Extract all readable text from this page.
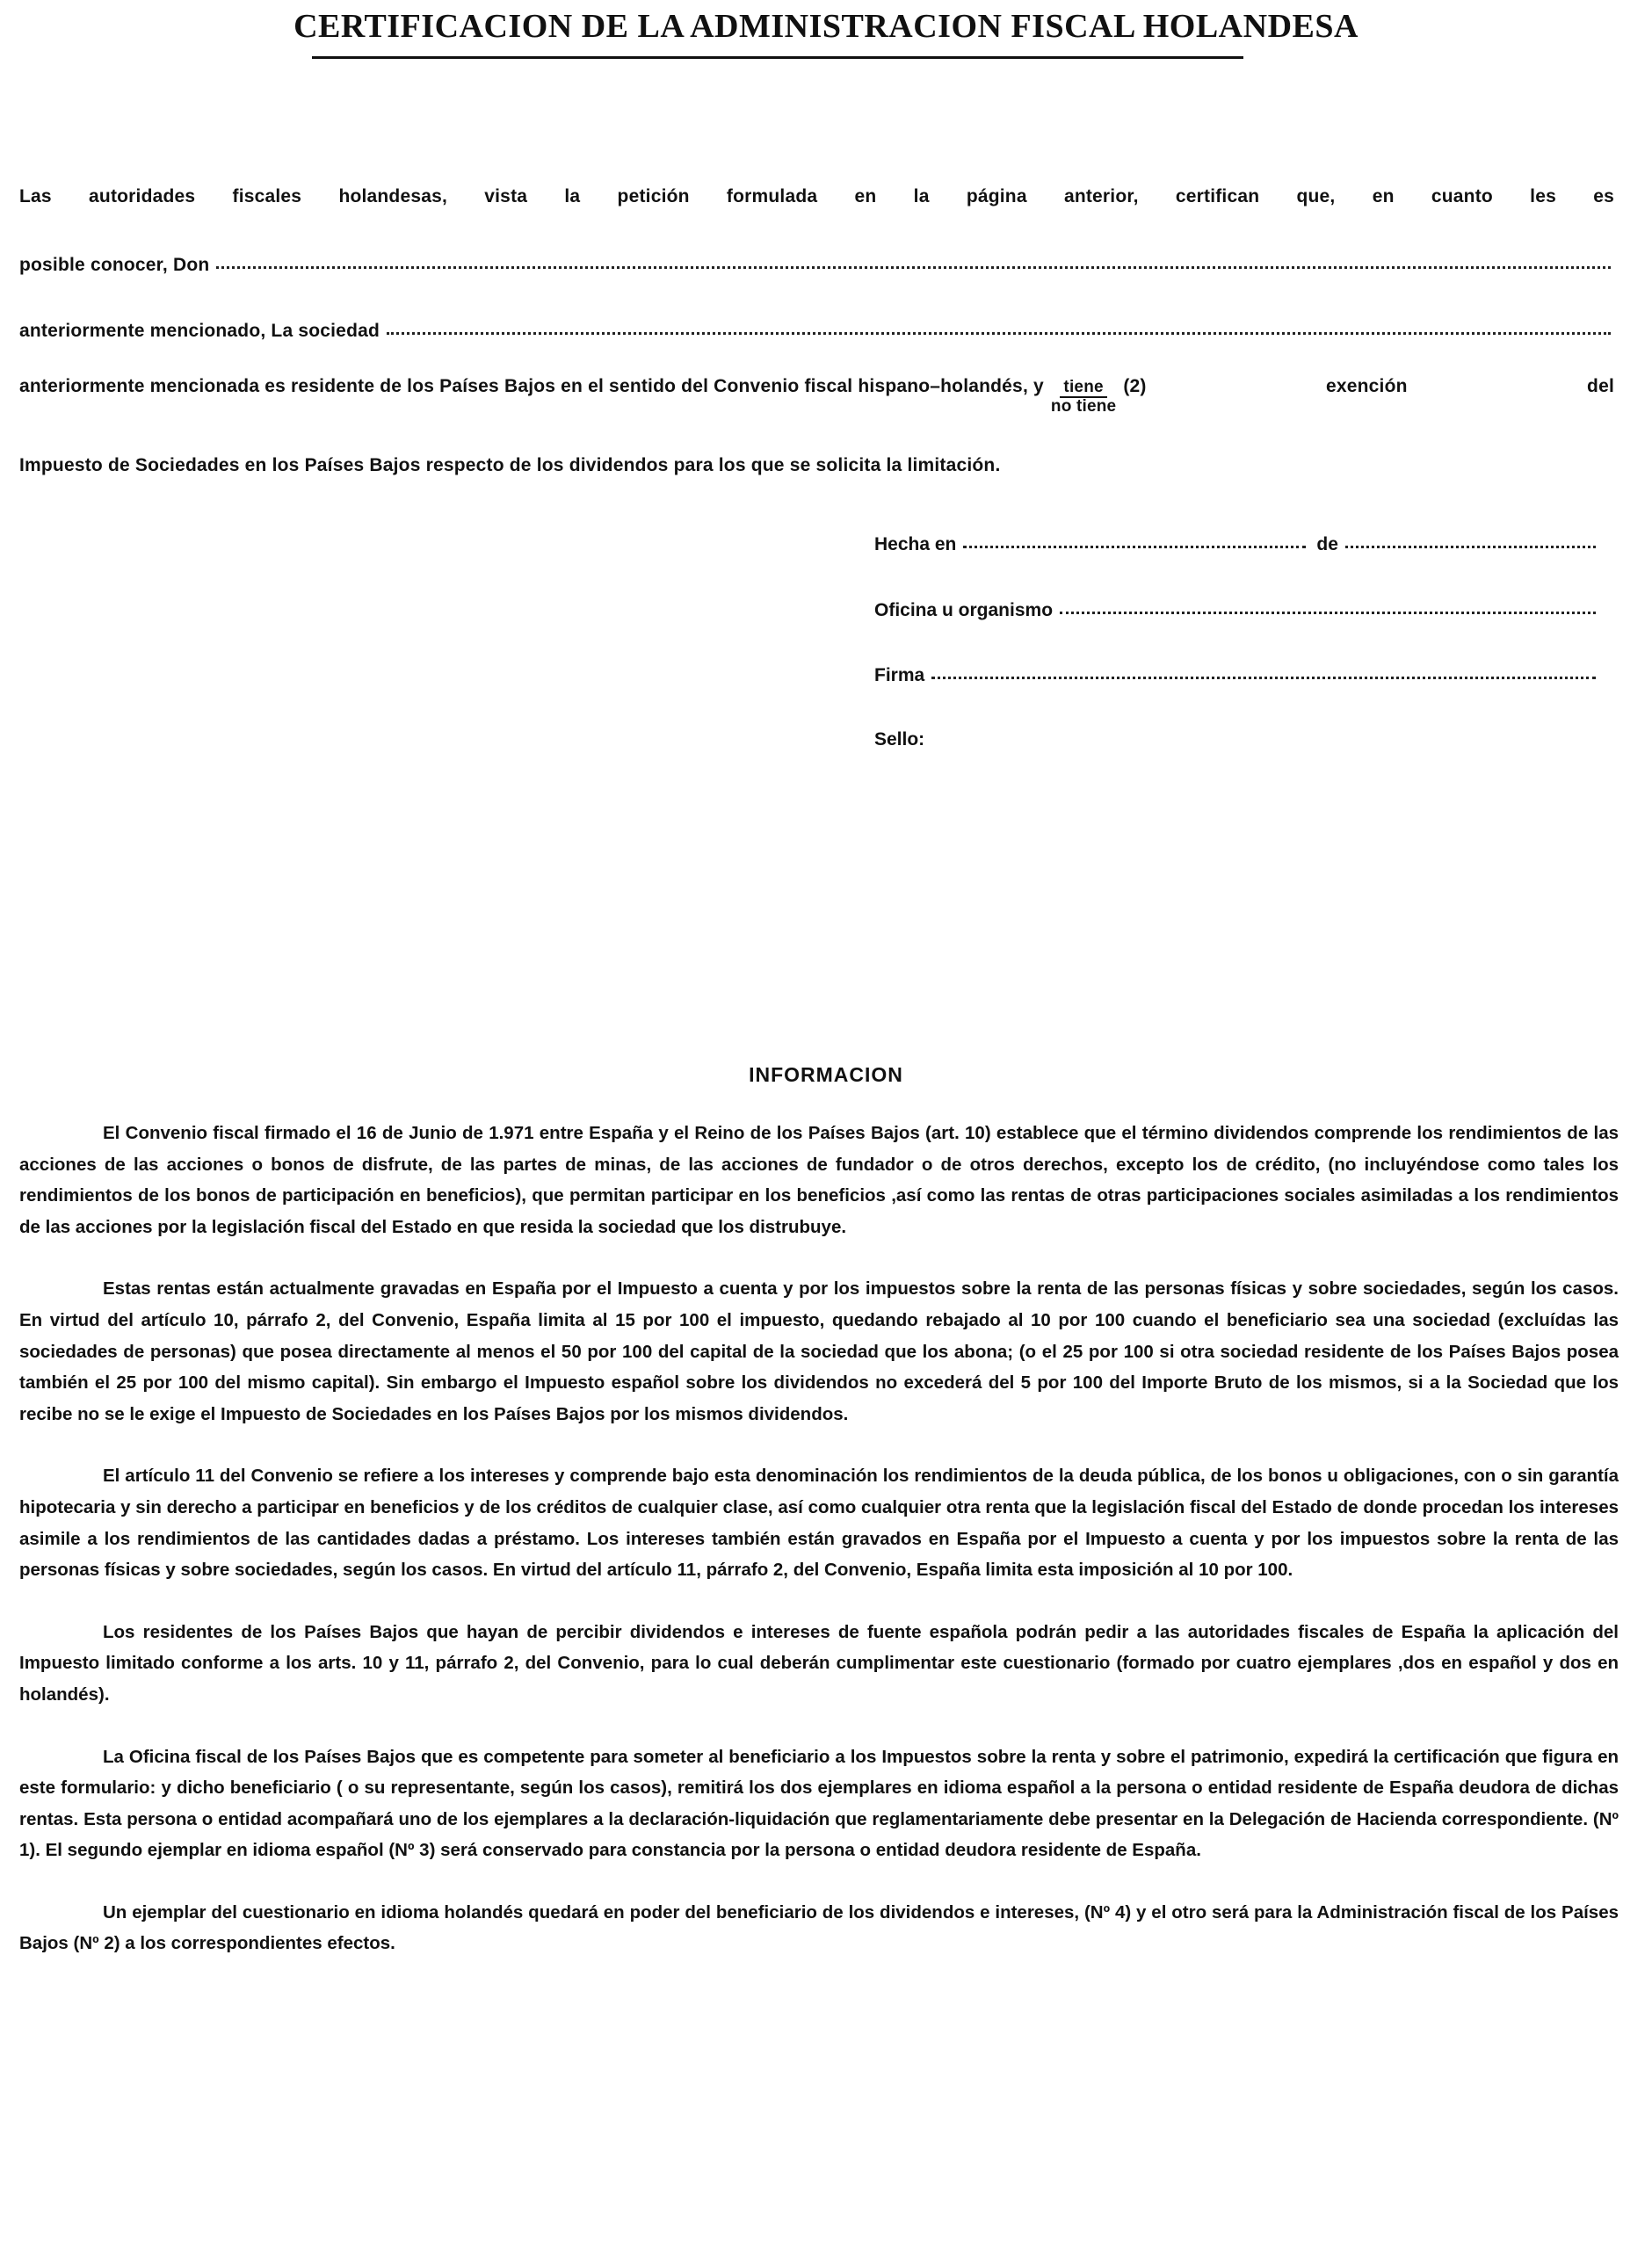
CERTIFICACION DE LA ADMINISTRACION FISCAL HOLANDESA
Las autoridades fiscales holandesas, vista la petición formulada en la página anterior, certifican que, en cuanto les es
posible conocer, Don
anteriormente mencionado, La sociedad
anteriormente mencionada es residente de los Países Bajos en el sentido del Convenio fiscal hispano–holandés, y $\frac{\text{tiene}}{\text{no tiene}} (2)$ exención del
Impuesto de Sociedades en los Países Bajos respecto de los dividendos para los que se solicita la limitación.
Hecha en	de
Oficina u organismo
Firma
Sello:
INFORMACION

El Convenio fiscal firmado el 16 de Junio de 1.971 entre España y el Reino de los Países Bajos (art. 10) establece que el término dividendos comprende los rendimientos de las acciones de las acciones o bonos de disfrute, de las partes de minas, de las acciones de fundador o de otros derechos, excepto los de crédito, (no incluyéndose como tales los rendimientos de los bonos de participación en beneficios), que permitan participar en los beneficios ,así como las rentas de otras participaciones sociales asimiladas a los rendimientos de las acciones por la legislación fiscal del Estado en que resida la sociedad que los distrubuye.

Estas rentas están actualmente gravadas en España por el Impuesto a cuenta y por los impuestos sobre la renta de las personas físicas y sobre sociedades, según los casos. En virtud del artículo 10, párrafo 2, del Convenio, España limita al 15 por 100 el impuesto, quedando rebajado al 10 por 100 cuando el beneficiario sea una sociedad (excluídas las sociedades de personas) que posea directamente al menos el 50 por 100 del capital de la sociedad que los abona; (o el 25 por 100 si otra sociedad residente de los Países Bajos posea también el 25 por 100 del mismo capital). Sin embargo el Impuesto español sobre los dividendos no excederá del 5 por 100 del Importe Bruto de los mismos, si a la Sociedad que los recibe no se le exige el Impuesto de Sociedades en los Países Bajos por los mismos dividendos.

El artículo 11 del Convenio se refiere a los intereses y comprende bajo esta denominación los rendimientos de la deuda pública, de los bonos u obligaciones, con o sin garantía hipotecaria y sin derecho a participar en beneficios y de los créditos de cualquier clase, así como cualquier otra renta que la legislación fiscal del Estado de donde procedan los intereses asimile a los rendimientos de las cantidades dadas a préstamo. Los intereses también están gravados en España por el Impuesto a cuenta y por los impuestos sobre la renta de las personas físicas y sobre sociedades, según los casos. En virtud del artículo 11, párrafo 2, del Convenio, España limita esta imposición al 10 por 100.

Los residentes de los Países Bajos que hayan de percibir dividendos e intereses de fuente española podrán pedir a las autoridades fiscales de España la aplicación del Impuesto limitado conforme a los arts. 10 y 11, párrafo 2, del Convenio, para lo cual deberán cumplimentar este cuestionario (formado por cuatro ejemplares ,dos en español y dos en holandés).

La Oficina fiscal de los Países Bajos que es competente para someter al beneficiario a los Impuestos sobre la renta y sobre el patrimonio, expedirá la certificación que figura en este formulario: y dicho beneficiario ( o su representante, según los casos), remitirá los dos ejemplares en idioma español a la persona o entidad residente de España deudora de dichas rentas. Esta persona o entidad acompañará uno de los ejemplares a la declaración-liquidación que reglamentariamente debe presentar en la Delegación de Hacienda correspondiente. (Nº 1). El segundo ejemplar en idioma español (Nº 3) será conservado para constancia por la persona o entidad deudora residente de España.

Un ejemplar del cuestionario en idioma holandés quedará en poder del beneficiario de los dividendos e intereses, (Nº 4) y el otro será para la Administración fiscal de los Países Bajos (Nº 2) a los correspondientes efectos.
